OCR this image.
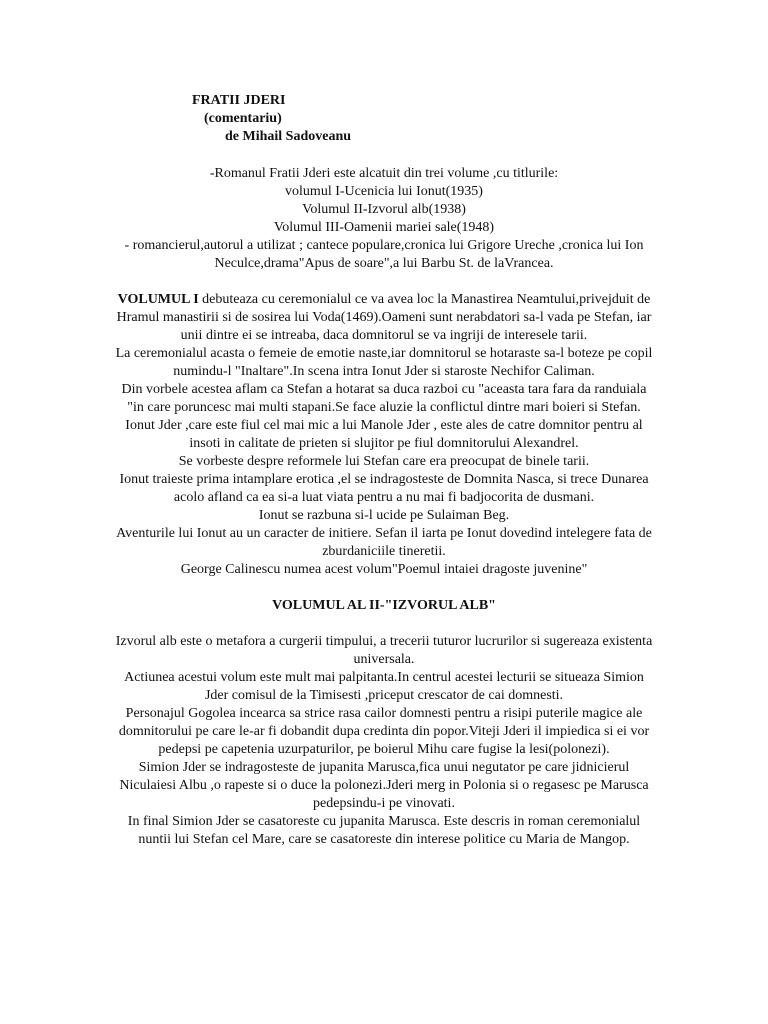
FRATII JDERI
(comentariu)
de Mihail Sadoveanu

-Romanul Fratii Jderi este alcatuit din trei volume ,cu titlurile:

volumul I-Ucenicia lui Ionut(1935)

Volumul II-Izvorul alb(1938)

Volumul III-Oamenii mariei sale(1948)

- romancierul,autorul a utilizat ; cantece populare,cronica lui Grigore Ureche ,cronica lui Ion Neculce,drama"Apus de soare",a lui Barbu St. de laVrancea.

VOLUMUL I debuteaza cu ceremonialul ce va avea loc la Manastirea Neamtului,privejduit de Hramul manastirii si de sosirea lui Voda(1469).Oameni sunt nerabdatori sa-l vada pe Stefan, iar unii dintre ei se intreaba, daca domnitorul se va ingriji de interesele tarii.

La ceremonialul acasta o femeie de emotie naste,iar domnitorul se hotaraste sa-l boteze pe copil numindu-l "Inaltare".In scena intra Ionut Jder si staroste Nechifor Caliman.

Din vorbele acestea aflam ca Stefan a hotarat sa duca razboi cu "aceasta tara fara da randuiala "in care poruncesc mai multi stapani.Se face aluzie la conflictul dintre mari boieri si Stefan.

Ionut Jder ,care este fiul cel mai mic a lui Manole Jder , este ales de catre domnitor pentru al insoti in calitate de prieten si slujitor pe fiul domnitorului Alexandrel.

Se vorbeste despre reformele lui Stefan care era preocupat de binele tarii.

Ionut traieste prima intamplare erotica ,el se indragosteste de Domnita Nasca, si trece Dunarea acolo afland ca ea si-a luat viata pentru a nu mai fi badjocorita de dusmani.

Ionut se razbuna si-l ucide pe Sulaiman Beg.

Aventurile lui Ionut au un caracter de initiere. Sefan il iarta pe Ionut dovedind intelegere fata de zburdaniciile tineretii.

George Calinescu numea acest volum"Poemul intaiei dragoste juvenine"

VOLUMUL AL II-"IZVORUL ALB"

Izvorul alb este o metafora a curgerii timpului, a trecerii tuturor lucrurilor si sugereaza existenta universala.

Actiunea acestui volum este mult mai palpitanta.In centrul acestei lecturii se situeaza Simion Jder comisul de la Timisesti ,priceput crescator de cai domnesti.

Personajul Gogolea incearca sa strice rasa cailor domnesti pentru a risipi puterile magice ale domnitorului pe care le-ar fi dobandit dupa credinta din popor.Viteji Jderi il impiedica si ei vor pedepsi pe capetenia uzurpaturilor, pe boierul Mihu care fugise la lesi(polonezi).

Simion Jder se indragosteste de jupanita Marusca,fica unui negutator pe care jidnicierul Niculaiesi Albu ,o rapeste si o duce la polonezi.Jderi merg in Polonia si o regasesc pe Marusca pedepsindu-i pe vinovati.

In final Simion Jder se casatoreste cu jupanita Marusca. Este descris in roman ceremonialul nuntii lui Stefan cel Mare, care se casatoreste din interese politice cu Maria de Mangop.
